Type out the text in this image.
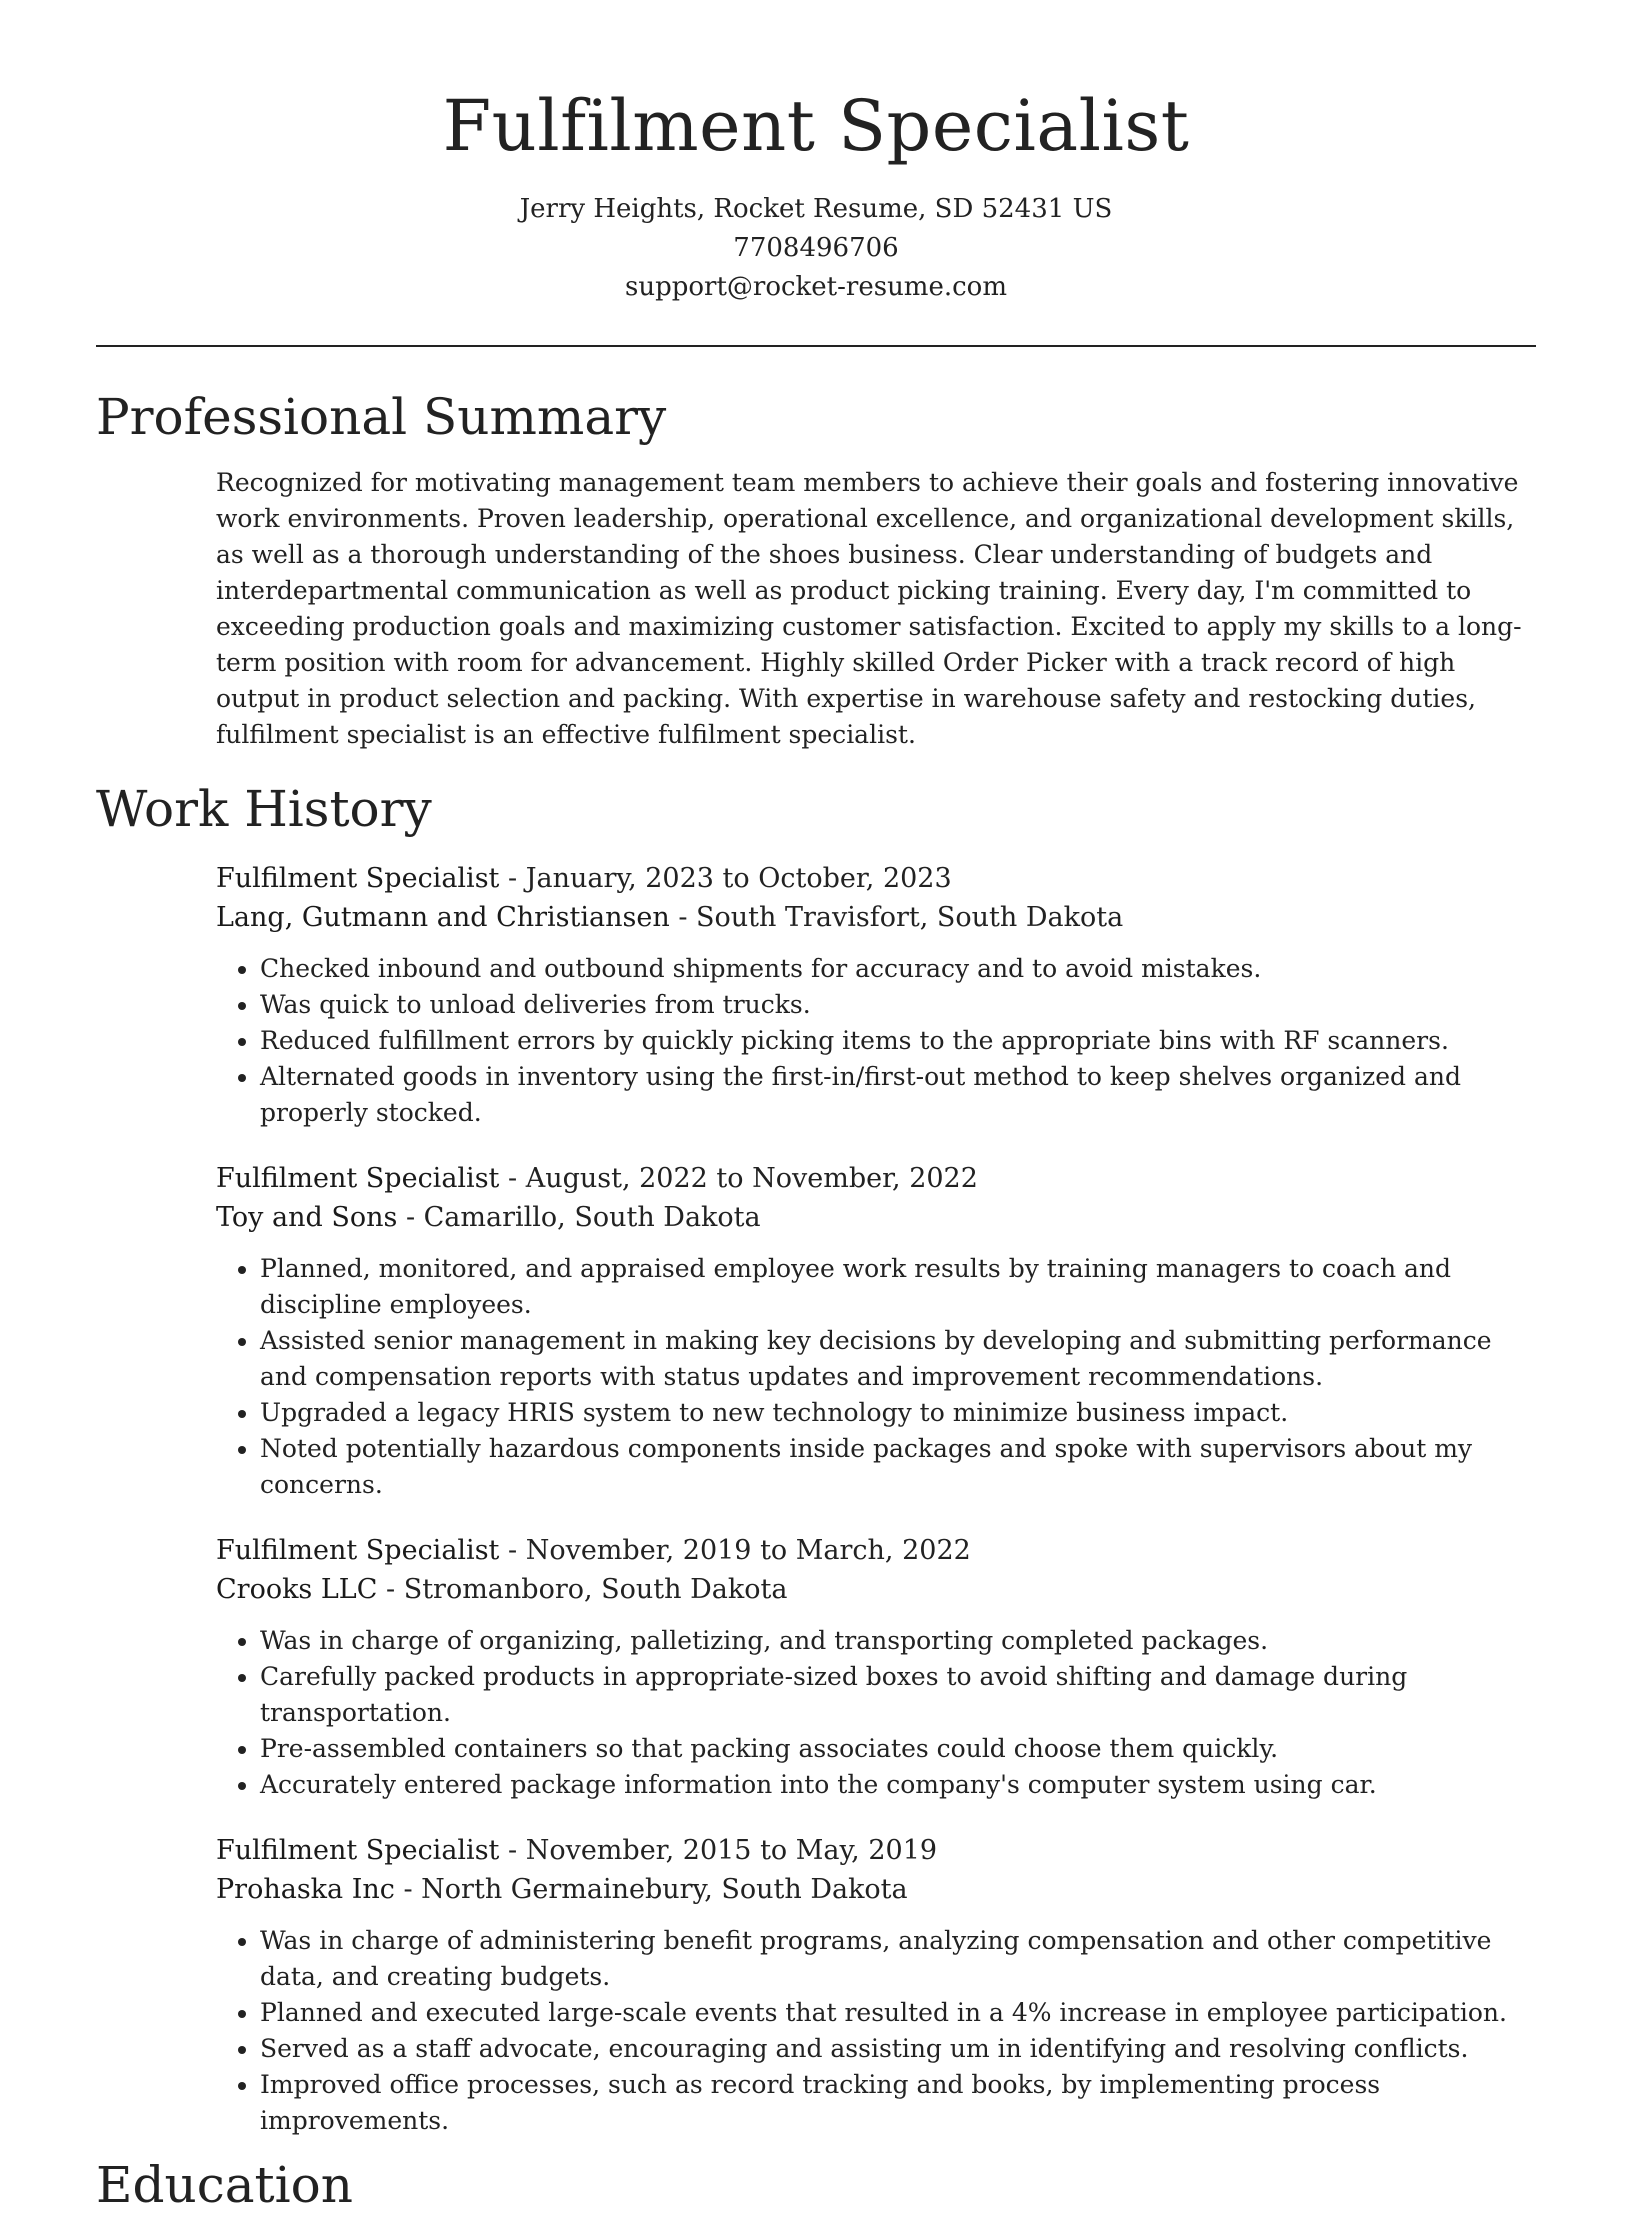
Fulfilment Specialist
Jerry Heights, Rocket Resume, SD 52431 US
7708496706
support@rocket-resume.com
Professional Summary

Recognized for motivating management team members to achieve their goals and fostering innovative work environments. Proven leadership, operational excellence, and organizational development skills, as well as a thorough understanding of the shoes business. Clear understanding of budgets and interdepartmental communication as well as product picking training. Every day, I'm committed to exceeding production goals and maximizing customer satisfaction. Excited to apply my skills to a long-term position with room for advancement. Highly skilled Order Picker with a track record of high output in product selection and packing. With expertise in warehouse safety and restocking duties, fulfilment specialist is an effective fulfilment specialist.

Work History
Fulfilment Specialist - January, 2023 to October, 2023
Lang, Gutmann and Christiansen - South Travisfort, South Dakota
• Checked inbound and outbound shipments for accuracy and to avoid mistakes.
• Was quick to unload deliveries from trucks.
• Reduced fulfillment errors by quickly picking items to the appropriate bins with RF scanners.
• Alternated goods in inventory using the first-in/first-out method to keep shelves organized and properly stocked.
Fulfilment Specialist - August, 2022 to November, 2022
Toy and Sons - Camarillo, South Dakota
• Planned, monitored, and appraised employee work results by training managers to coach and discipline employees.
• Assisted senior management in making key decisions by developing and submitting performance and compensation reports with status updates and improvement recommendations.
• Upgraded a legacy HRIS system to new technology to minimize business impact.
• Noted potentially hazardous components inside packages and spoke with supervisors about my concerns.
Fulfilment Specialist - November, 2019 to March, 2022
Crooks LLC - Stromanboro, South Dakota
• Was in charge of organizing, palletizing, and transporting completed packages.
• Carefully packed products in appropriate-sized boxes to avoid shifting and damage during transportation.
• Pre-assembled containers so that packing associates could choose them quickly.
• Accurately entered package information into the company's computer system using car.
Fulfilment Specialist - November, 2015 to May, 2019
Prohaska Inc - North Germainebury, South Dakota
• Was in charge of administering benefit programs, analyzing compensation and other competitive data, and creating budgets.
• Planned and executed large-scale events that resulted in a 4% increase in employee participation.
• Served as a staff advocate, encouraging and assisting um in identifying and resolving conflicts.
• Improved office processes, such as record tracking and books, by implementing process improvements.
Education
